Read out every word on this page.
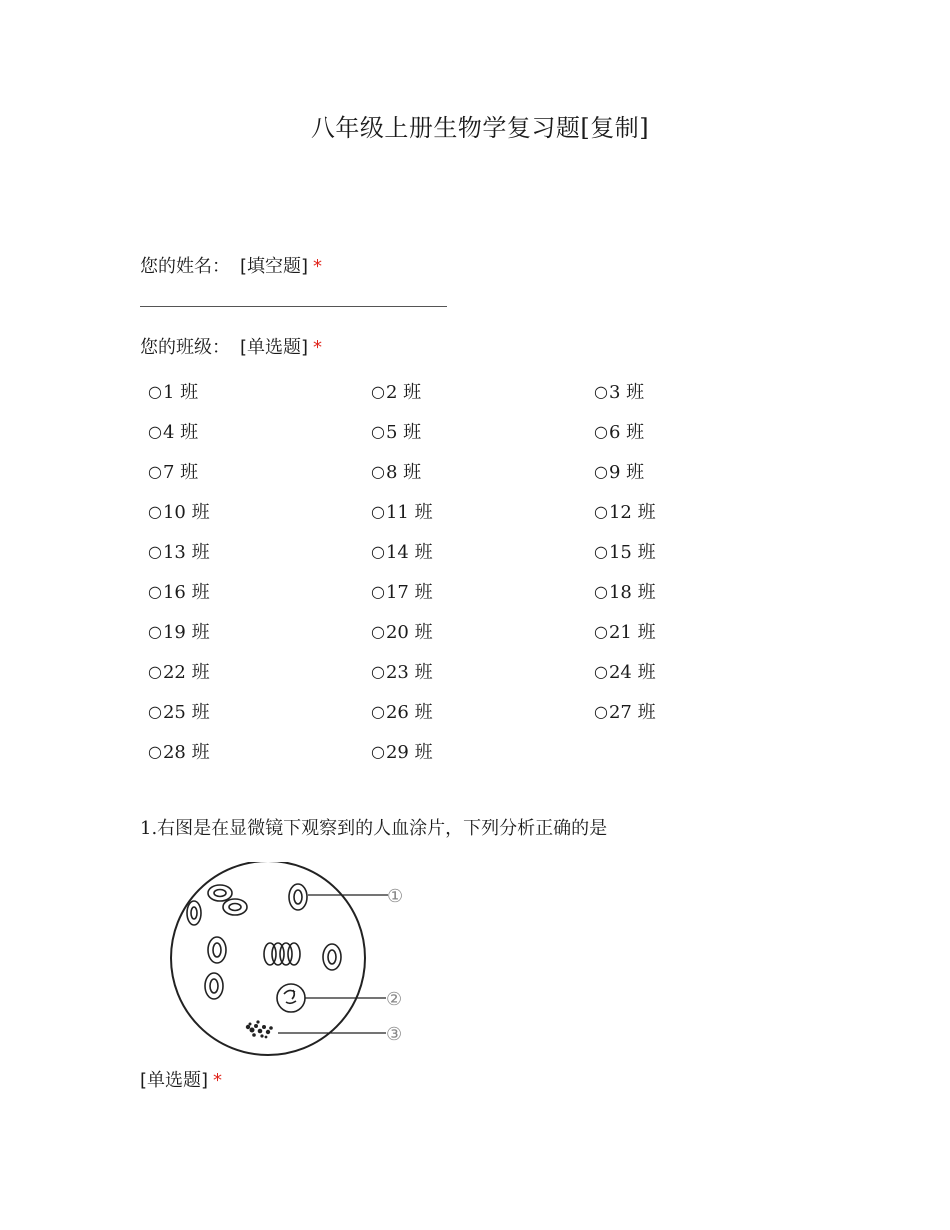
八年级上册生物学复习题[复制]
您的姓名： [填空题] *
您的班级： [单选题] *
○ 1 班	○ 2 班	○ 3 班
○ 4 班	○ 5 班	○ 6 班
○ 7 班	○ 8 班	○ 9 班
○ 10 班	○ 11 班	○ 12 班
○ 13 班	○ 14 班	○ 15 班
○ 16 班	○ 17 班	○ 18 班
○ 19 班	○ 20 班	○ 21 班
○ 22 班	○ 23 班	○ 24 班
○ 25 班	○ 26 班	○ 27 班
○ 28 班	○ 29 班
1.右图是在显微镜下观察到的人血涂片，下列分析正确的是
①
②
③
[单选题] *
